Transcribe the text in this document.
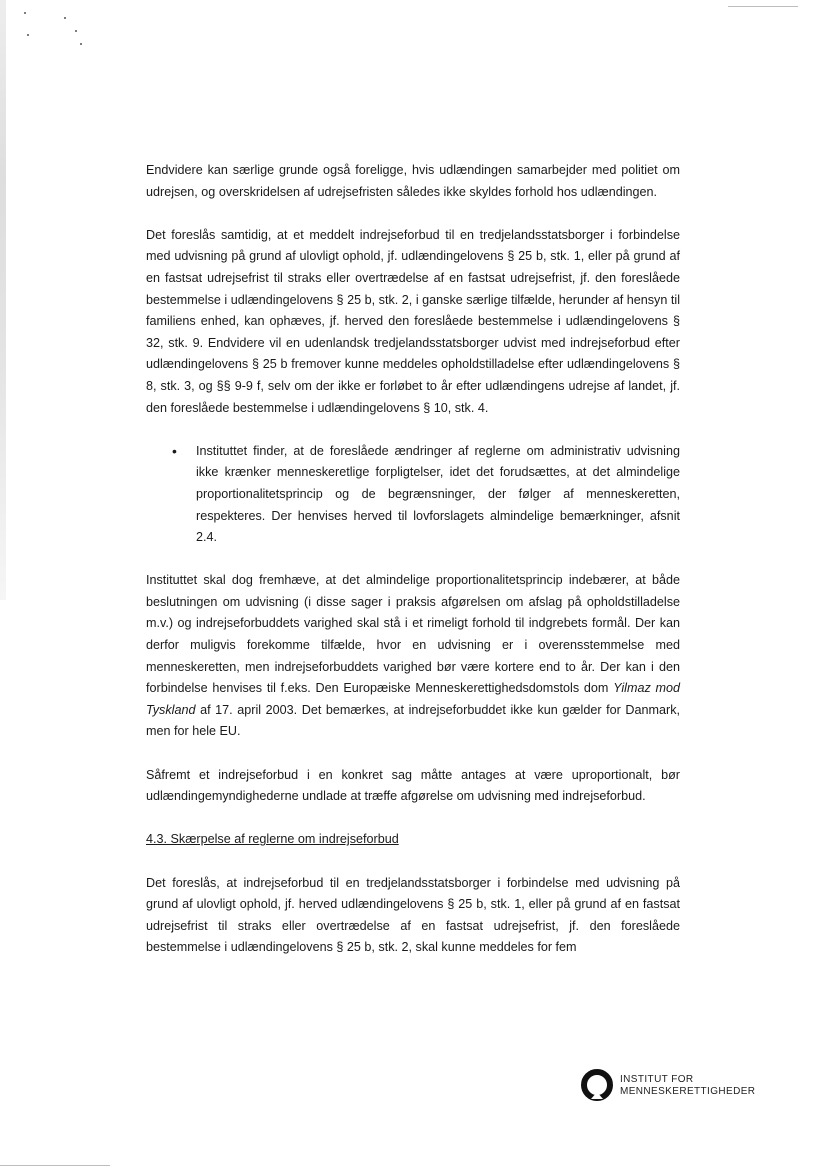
Endvidere kan særlige grunde også foreligge, hvis udlændingen samarbejder med politiet om udrejsen, og overskridelsen af udrejsefristen således ikke skyldes forhold hos udlændingen.

Det foreslås samtidig, at et meddelt indrejseforbud til en tredjelandsstatsborger i forbindelse med udvisning på grund af ulovligt ophold, jf. udlændingelovens § 25 b, stk. 1, eller på grund af en fastsat udrejsefrist til straks eller overtrædelse af en fastsat udrejsefrist, jf. den foreslåede bestemmelse i udlændingelovens § 25 b, stk. 2, i ganske særlige tilfælde, herunder af hensyn til familiens enhed, kan ophæves, jf. herved den foreslåede bestemmelse i udlændingelovens § 32, stk. 9. Endvidere vil en udenlandsk tredjelandsstatsborger udvist med indrejseforbud efter udlændingelovens § 25 b fremover kunne meddeles opholdstilladelse efter udlændingelovens § 8, stk. 3, og §§ 9-9 f, selv om der ikke er forløbet to år efter udlændingens udrejse af landet, jf. den foreslåede bestemmelse i udlændingelovens § 10, stk. 4.

• Instituttet finder, at de foreslåede ændringer af reglerne om administrativ udvisning ikke krænker menneskeretlige forpligtelser, idet det forudsættes, at det almindelige proportionalitetsprincip og de begrænsninger, der følger af menneskeretten, respekteres. Der henvises herved til lovforslagets almindelige bemærkninger, afsnit 2.4.

Instituttet skal dog fremhæve, at det almindelige proportionalitetsprincip indebærer, at både beslutningen om udvisning (i disse sager i praksis afgørelsen om afslag på opholdstilladelse m.v.) og indrejseforbuddets varighed skal stå i et rimeligt forhold til indgrebets formål. Der kan derfor muligvis forekomme tilfælde, hvor en udvisning er i overensstemmelse med menneskeretten, men indrejseforbuddets varighed bør være kortere end to år. Der kan i den forbindelse henvises til f.eks. Den Europæiske Menneskerettighedsdomstols dom Yilmaz mod Tyskland af 17. april 2003. Det bemærkes, at indrejseforbuddet ikke kun gælder for Danmark, men for hele EU.

Såfremt et indrejseforbud i en konkret sag måtte antages at være uproportionalt, bør udlændingemyndighederne undlade at træffe afgørelse om udvisning med indrejseforbud.

4.3. Skærpelse af reglerne om indrejseforbud

Det foreslås, at indrejseforbud til en tredjelandsstatsborger i forbindelse med udvisning på grund af ulovligt ophold, jf. herved udlændingelovens § 25 b, stk. 1, eller på grund af en fastsat udrejsefrist til straks eller overtrædelse af en fastsat udrejsefrist, jf. den foreslåede bestemmelse i udlændingelovens § 25 b, stk. 2, skal kunne meddeles for fem

INSTITUT FOR
MENNESKERETTIGHEDER
